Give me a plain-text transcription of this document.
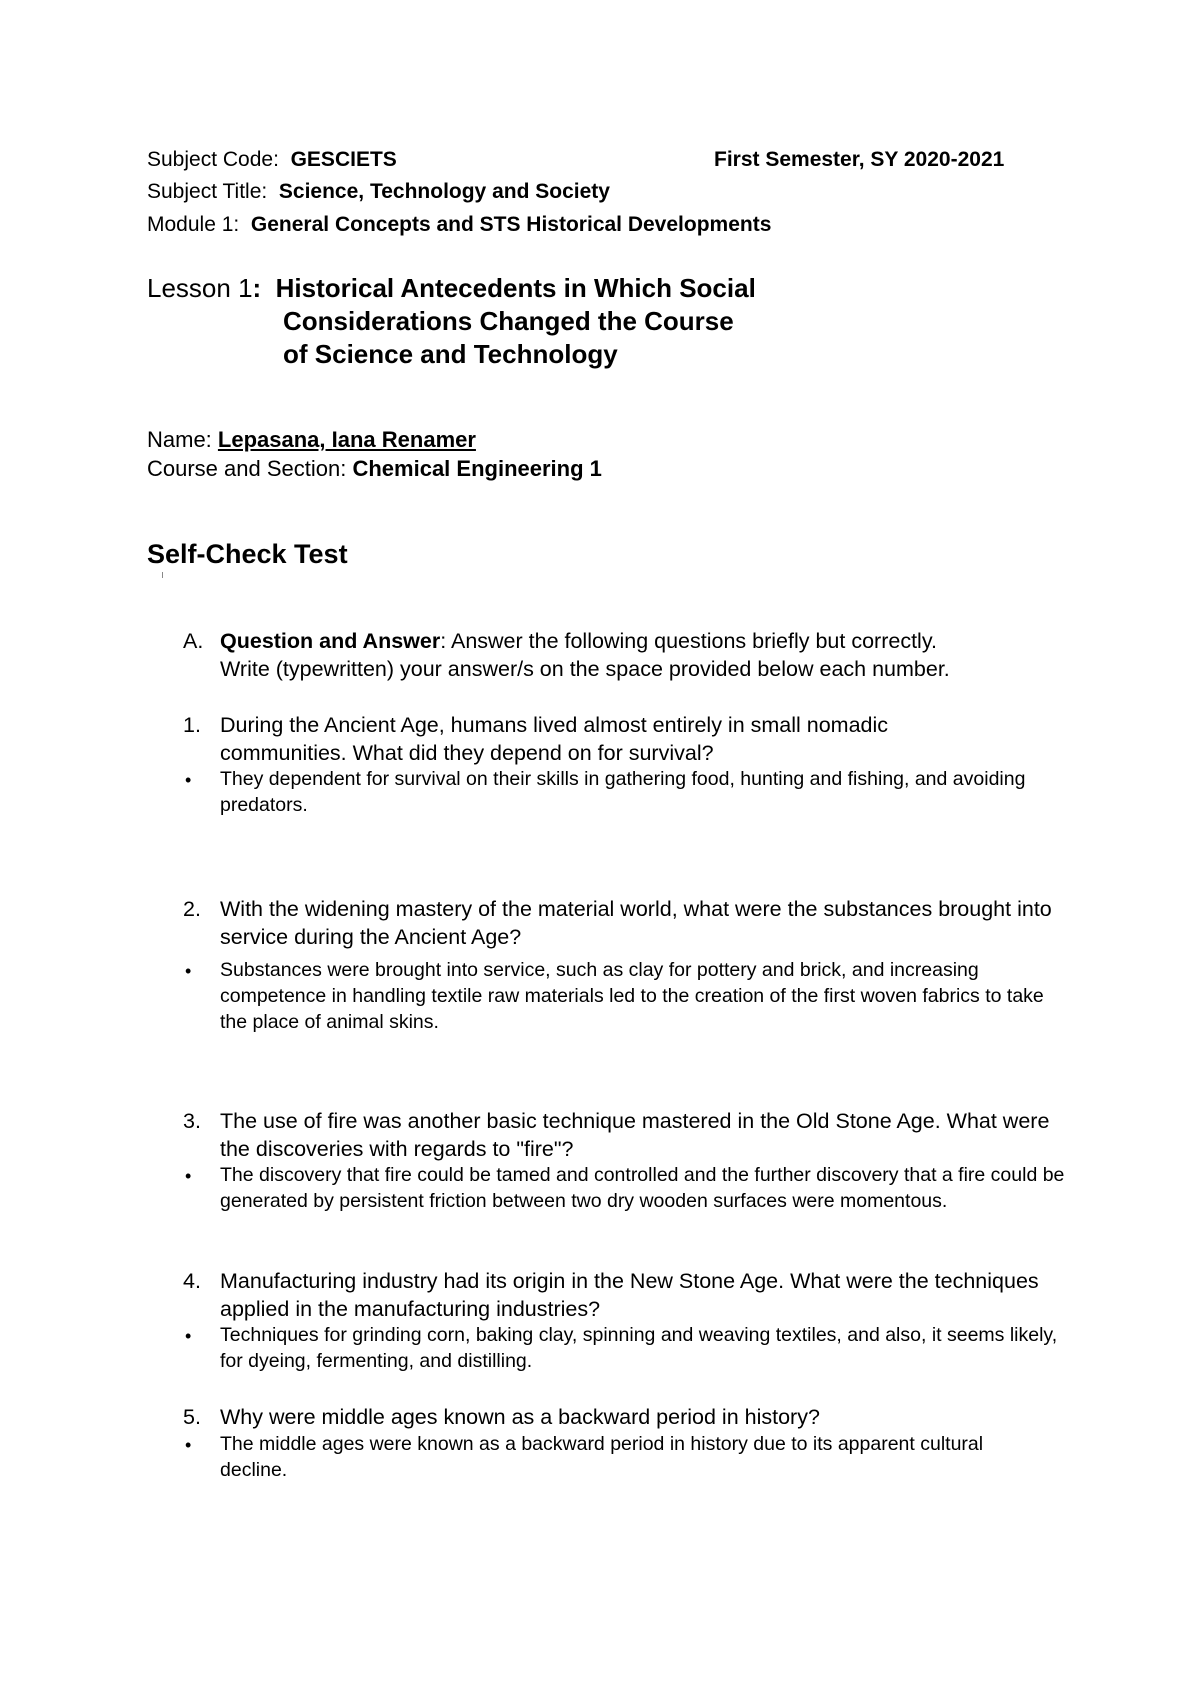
Subject Code: GESCIETS	First Semester, SY 2020-2021
Subject Title: Science, Technology and Society
Module 1: General Concepts and STS Historical Developments
Lesson 1: Historical Antecedents in Which Social
Considerations Changed the Course
of Science and Technology
Name: Lepasana, Iana Renamer
Course and Section: Chemical Engineering 1
Self-Check Test
A. Question and Answer: Answer the following questions briefly but correctly.
Write (typewritten) your answer/s on the space provided below each number.
1. During the Ancient Age, humans lived almost entirely in small nomadic communities. What did they depend on for survival?
• They dependent for survival on their skills in gathering food, hunting and fishing, and avoiding predators.
2. With the widening mastery of the material world, what were the substances brought into service during the Ancient Age?
• Substances were brought into service, such as clay for pottery and brick, and increasing competence in handling textile raw materials led to the creation of the first woven fabrics to take the place of animal skins.
3. The use of fire was another basic technique mastered in the Old Stone Age. What were the discoveries with regards to "fire"?
• The discovery that fire could be tamed and controlled and the further discovery that a fire could be generated by persistent friction between two dry wooden surfaces were momentous.
4. Manufacturing industry had its origin in the New Stone Age. What were the techniques applied in the manufacturing industries?
• Techniques for grinding corn, baking clay, spinning and weaving textiles, and also, it seems likely, for dyeing, fermenting, and distilling.
5. Why were middle ages known as a backward period in history?
• The middle ages were known as a backward period in history due to its apparent cultural decline.
